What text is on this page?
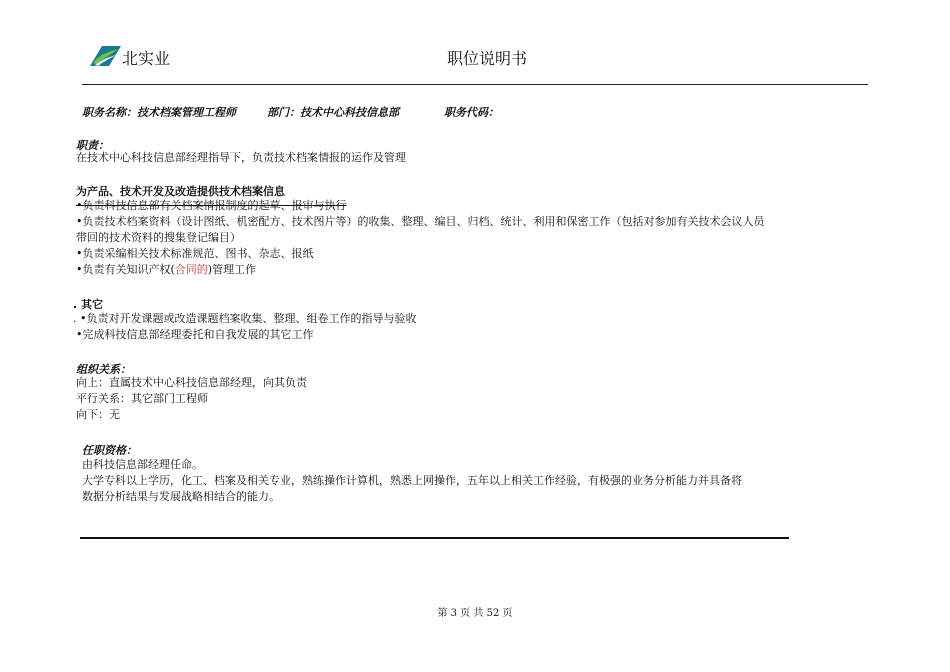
北实业	职位说明书
职务名称：技术档案管理工程师	部门：技术中心科技信息部	职务代码：
职责：
在技术中心科技信息部经理指导下，负责技术档案情报的运作及管理
为产品、技术开发及改造提供技术档案信息
•负责科技信息部有关档案情报制度的起草、报审与执行
•负责技术档案资料（设计图纸、机密配方、技术图片等）的收集、整理、编目、归档、统计、利用和保密工作（包括对参加有关技术会议人员
带回的技术资料的搜集登记编目）
•负责采编相关技术标准规范、图书、杂志、报纸
•负责有关知识产权(合同的)管理工作
. 其它
. •负责对开发课题或改造课题档案收集、整理、组卷工作的指导与验收
•完成科技信息部经理委托和自我发展的其它工作
组织关系：
向上：直属技术中心科技信息部经理，向其负责
平行关系：其它部门工程师
向下：无
任职资格：
由科技信息部经理任命。
大学专科以上学历，化工、档案及相关专业，熟练操作计算机，熟悉上网操作，五年以上相关工作经验，有极强的业务分析能力并具备将
数据分析结果与发展战略相结合的能力。
第 3 页 共 52 页
